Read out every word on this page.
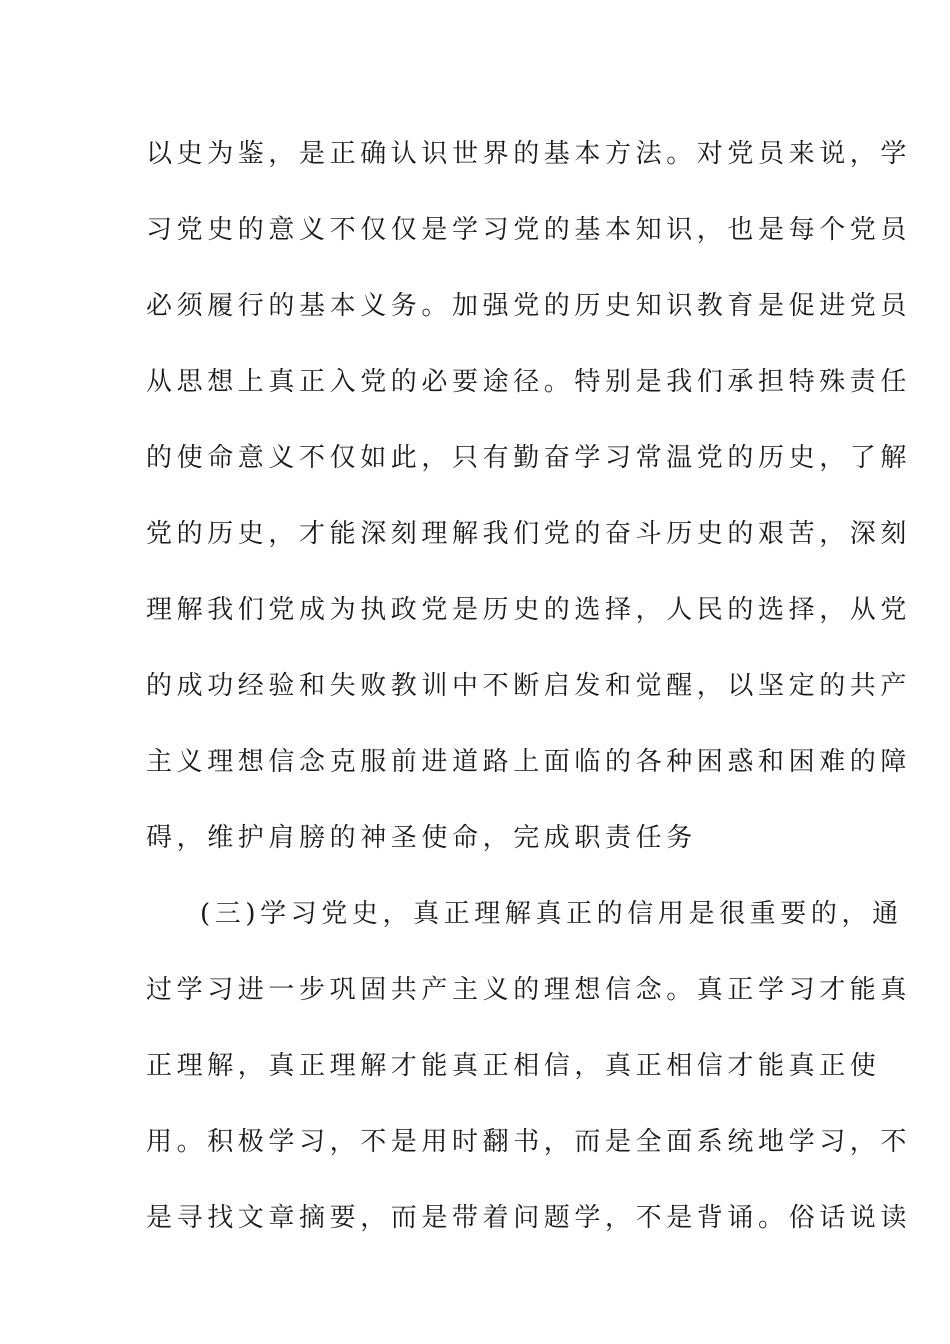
以史为鉴，是正确认识世界的基本方法。对党员来说，学
习党史的意义不仅仅是学习党的基本知识，也是每个党员
必须履行的基本义务。加强党的历史知识教育是促进党员
从思想上真正入党的必要途径。特别是我们承担特殊责任
的使命意义不仅如此，只有勤奋学习常温党的历史，了解
党的历史，才能深刻理解我们党的奋斗历史的艰苦，深刻
理解我们党成为执政党是历史的选择，人民的选择，从党
的成功经验和失败教训中不断启发和觉醒，以坚定的共产
主义理想信念克服前进道路上面临的各种困惑和困难的障
碍，维护肩膀的神圣使命，完成职责任务
(三)学习党史，真正理解真正的信用是很重要的，通
过学习进一步巩固共产主义的理想信念。真正学习才能真
正理解，真正理解才能真正相信，真正相信才能真正使
用。积极学习，不是用时翻书，而是全面系统地学习，不
是寻找文章摘要，而是带着问题学，不是背诵。俗话说读
